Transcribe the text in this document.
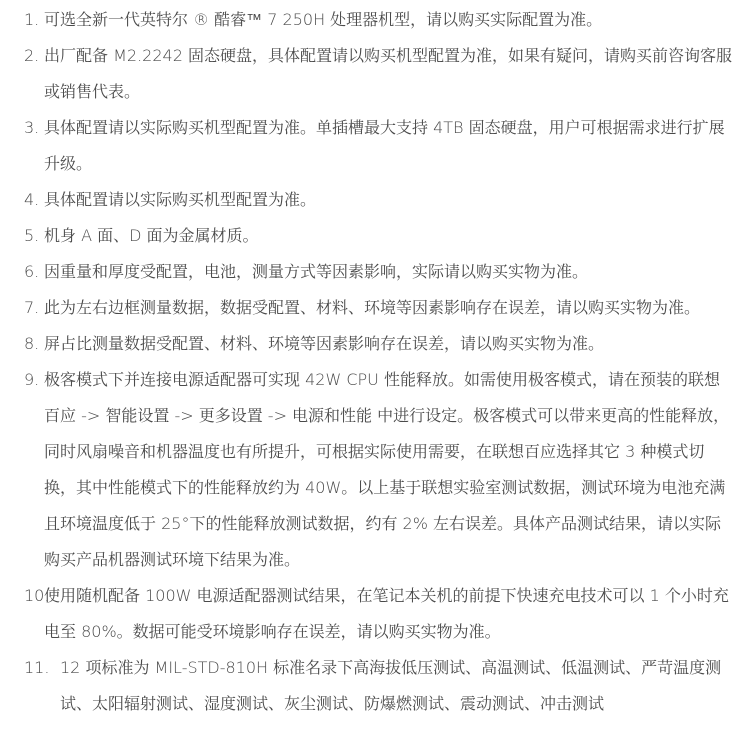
1. 可选全新一代英特尔 ® 酷睿™ 7 250H 处理器机型，请以购买实际配置为准。
2. 出厂配备 M2.2242 固态硬盘，具体配置请以购买机型配置为准，如果有疑问，请购买前咨询客服或销售代表。
3. 具体配置请以实际购买机型配置为准。单插槽最大支持 4TB 固态硬盘，用户可根据需求进行扩展升级。
4. 具体配置请以实际购买机型配置为准。
5. 机身 A 面、D 面为金属材质。
6. 因重量和厚度受配置，电池，测量方式等因素影响，实际请以购买实物为准。
7. 此为左右边框测量数据，数据受配置、材料、环境等因素影响存在误差，请以购买实物为准。
8. 屏占比测量数据受配置、材料、环境等因素影响存在误差，请以购买实物为准。
9. 极客模式下并连接电源适配器可实现 42W CPU 性能释放。如需使用极客模式，请在预装的联想百应 -> 智能设置 -> 更多设置 -> 电源和性能 中进行设定。极客模式可以带来更高的性能释放，同时风扇噪音和机器温度也有所提升，可根据实际使用需要，在联想百应选择其它 3 种模式切换，其中性能模式下的性能释放约为 40W。以上基于联想实验室测试数据，测试环境为电池充满且环境温度低于 25°下的性能释放测试数据，约有 2% 左右误差。具体产品测试结果，请以实际购买产品机器测试环境下结果为准。
10.
使用随机配备 100W 电源适配器测试结果，在笔记本关机的前提下快速充电技术可以 1 个小时充电至 80%。数据可能受环境影响存在误差，请以购买实物为准。
11. 12 项标准为 MIL-STD-810H 标准名录下高海拔低压测试、高温测试、低温测试、严苛温度测试、太阳辐射测试、湿度测试、灰尘测试、防爆燃测试、震动测试、冲击测试
